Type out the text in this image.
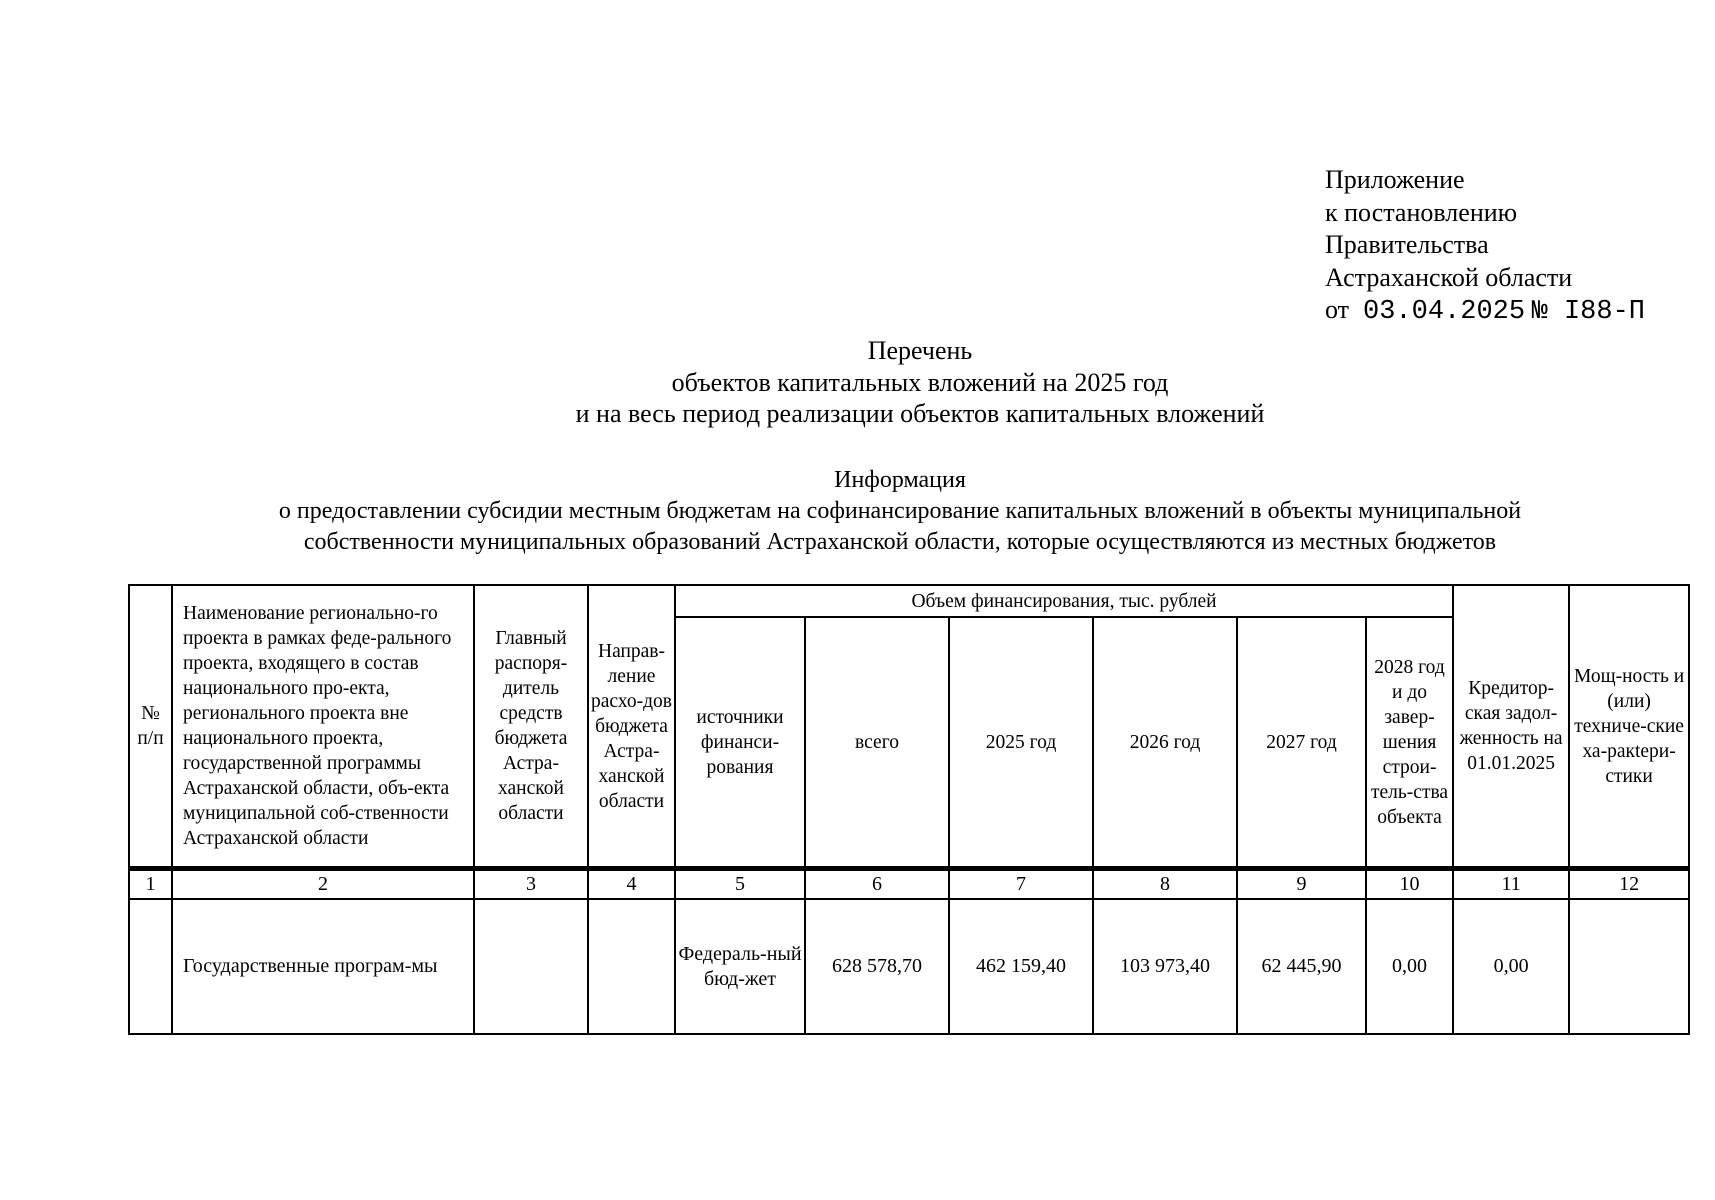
Приложение
к постановлению
Правительства
Астраханской области
от 03.04.2025 № I88-П
Перечень
объектов капитальных вложений на 2025 год
и на весь период реализации объектов капитальных вложений
Информация
о предоставлении субсидии местным бюджетам на софинансирование капитальных вложений в объекты муниципальной
собственности муниципальных образований Астраханской области, которые осуществляются из местных бюджетов
№ п/п	Наименование регионально-го проекта в рамках феде-рального проекта, входящего в состав национального про-екта, регионального проекта вне национального проекта, государственной программы Астраханской области, объ-екта муниципальной соб-ственности Астраханской области	Главный распоря-дитель средств бюджета Астра-ханской области	Направ-ление расхо-дов бюджета Астра-ханской области	Объем финансирования, тыс. рублей						Кредитор-ская задол-женность на 01.01.2025	Мощ-ность и (или) техниче-ские ха-ракteри-стики
				источники финанси-рования	всего	2025 год	2026 год	2027 год	2028 год и до завер-шения строи-тель-ства объекта		
1	2	3	4	5	6	7	8	9	10	11	12
	Государственные програм-мы			Федераль-ный бюд-жет	628 578,70	462 159,40	103 973,40	62 445,90	0,00	0,00	
